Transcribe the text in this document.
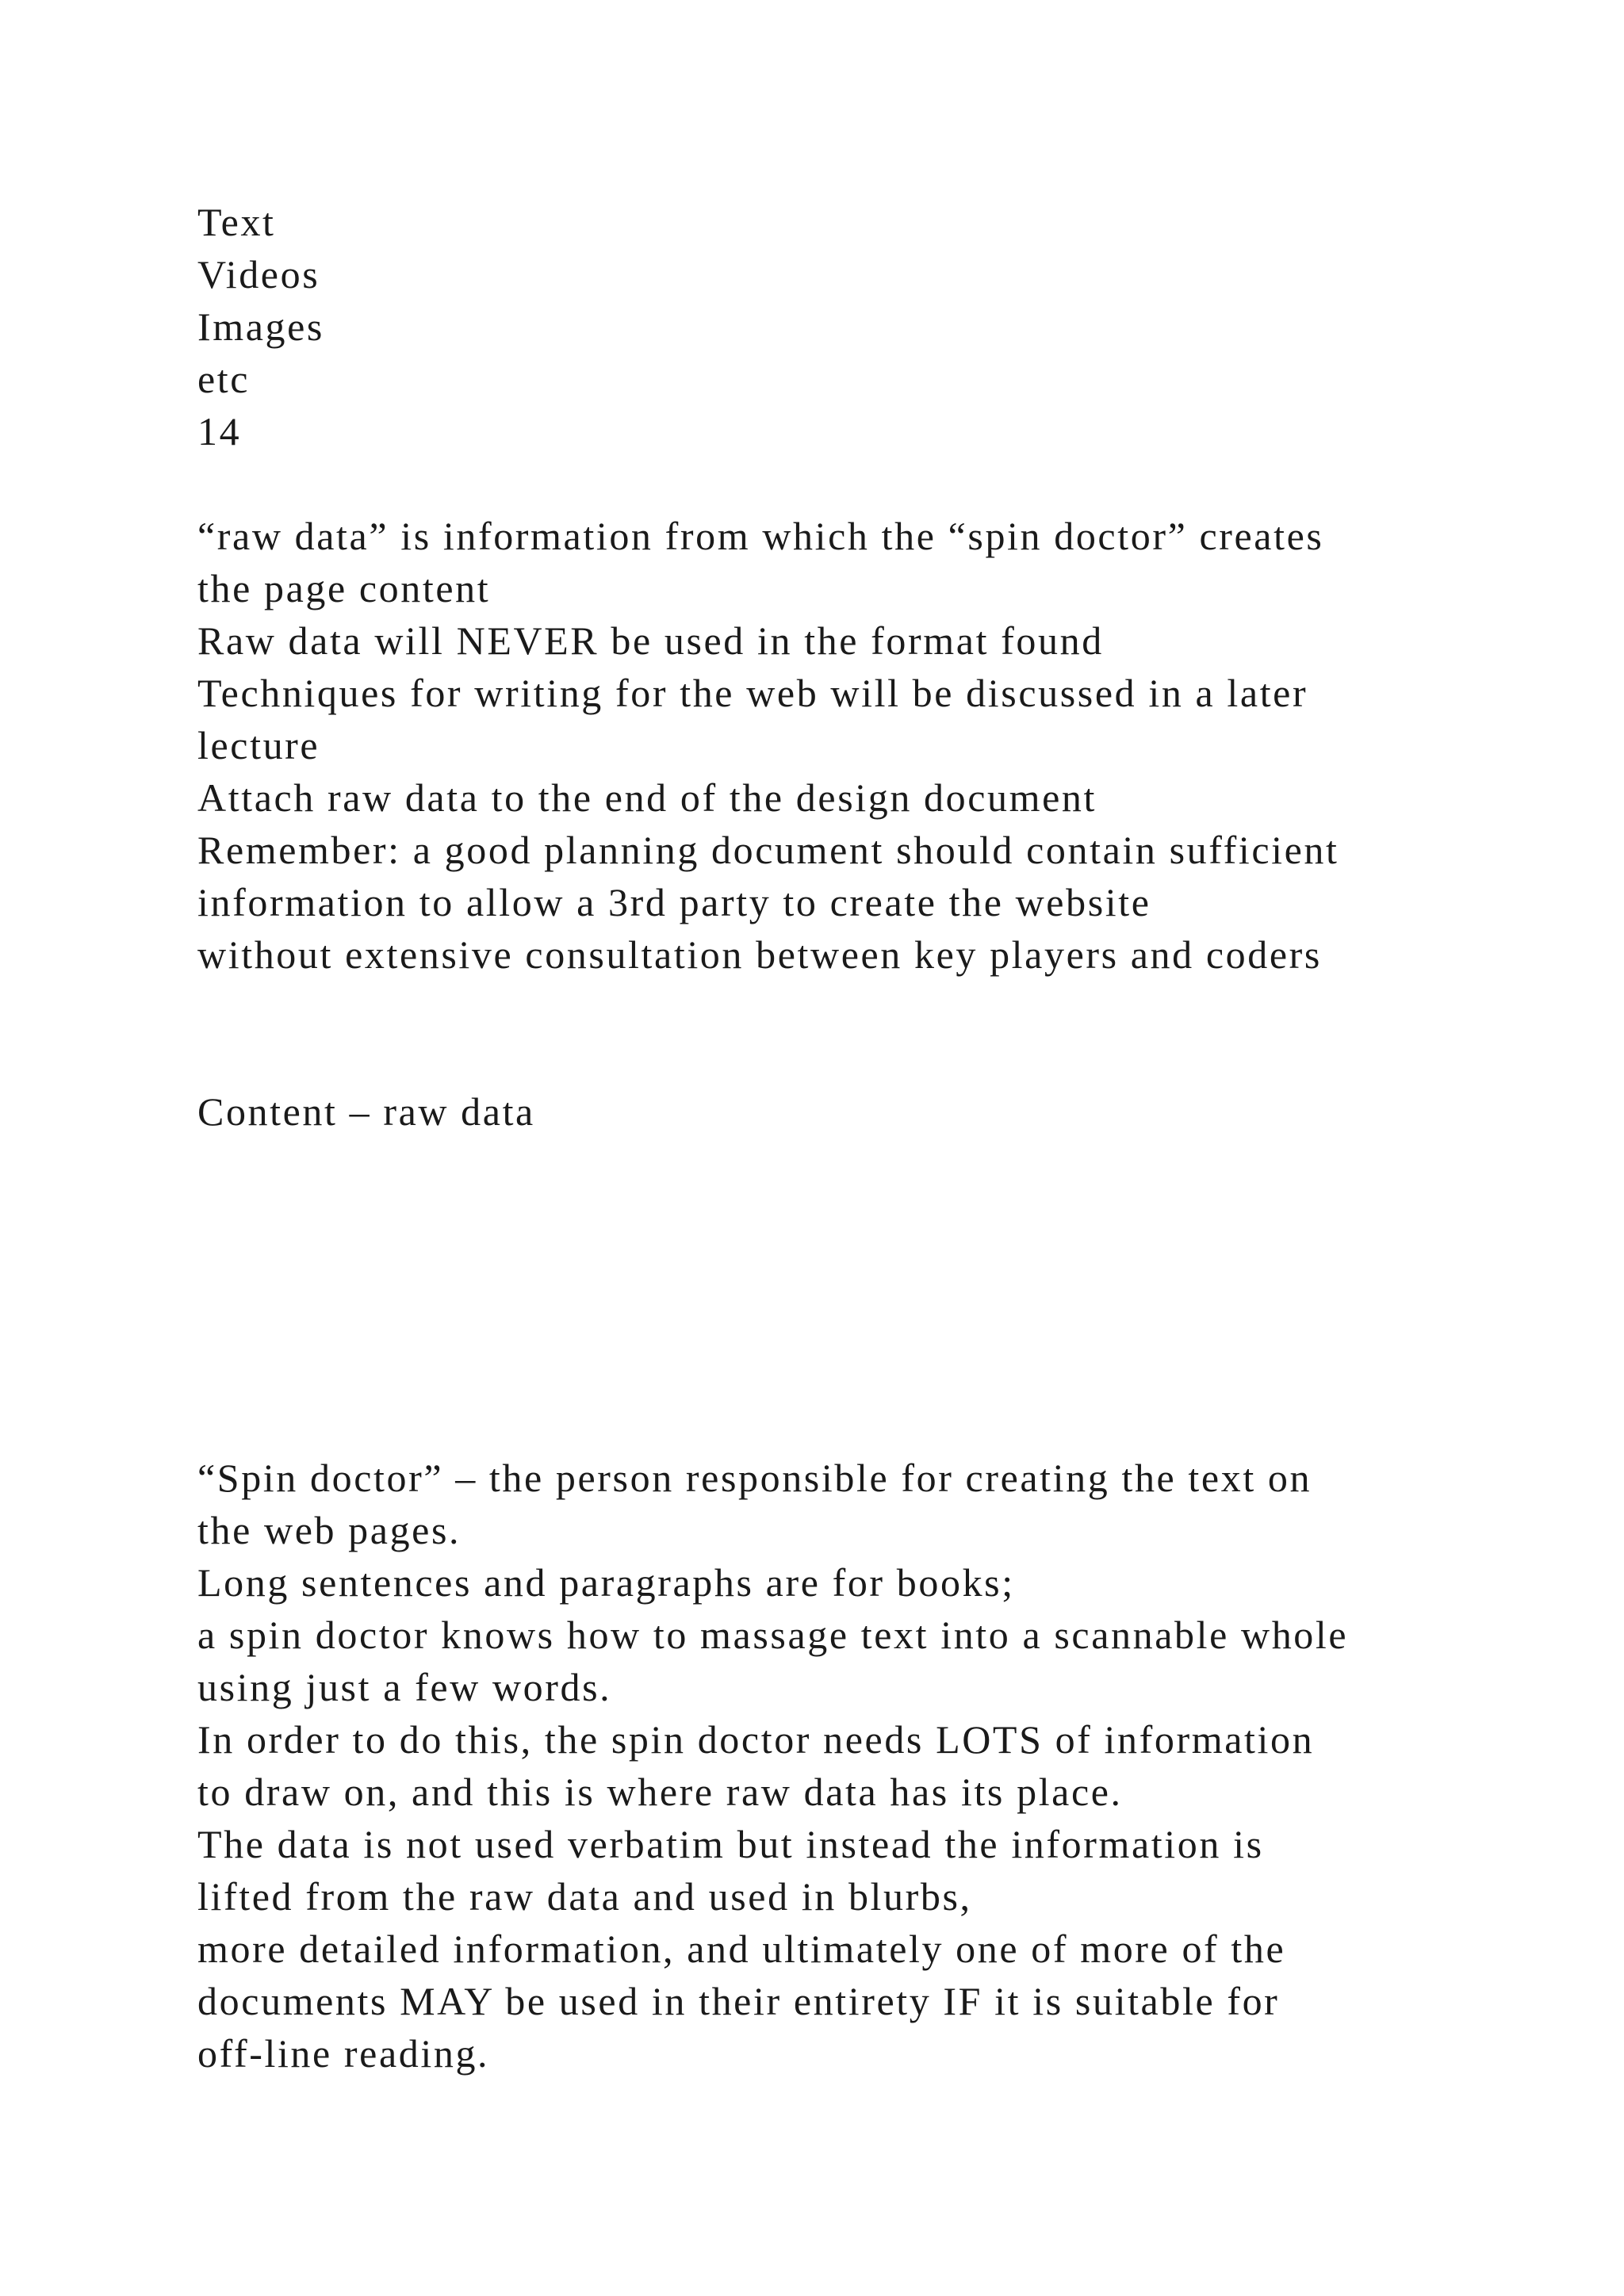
Text

Videos

Images

etc

14

“raw data” is information from which the “spin doctor” creates

the page content

Raw data will NEVER be used in the format found

Techniques for writing for the web will be discussed in a later

lecture

Attach raw data to the end of the design document

Remember: a good planning document should contain sufficient

information to allow a 3rd party to create the website

without extensive consultation between key players and coders

Content – raw data

“Spin doctor” – the person responsible for creating the text on

the web pages.

Long sentences and paragraphs are for books;

a spin doctor knows how to massage text into a scannable whole

using just a few words.

In order to do this, the spin doctor needs LOTS of information

to draw on, and this is where raw data has its place.

The data is not used verbatim but instead the information is

lifted from the raw data and used in blurbs,

more detailed information, and ultimately one of more of the

documents MAY be used in their entirety IF it is suitable for

off-line reading.
